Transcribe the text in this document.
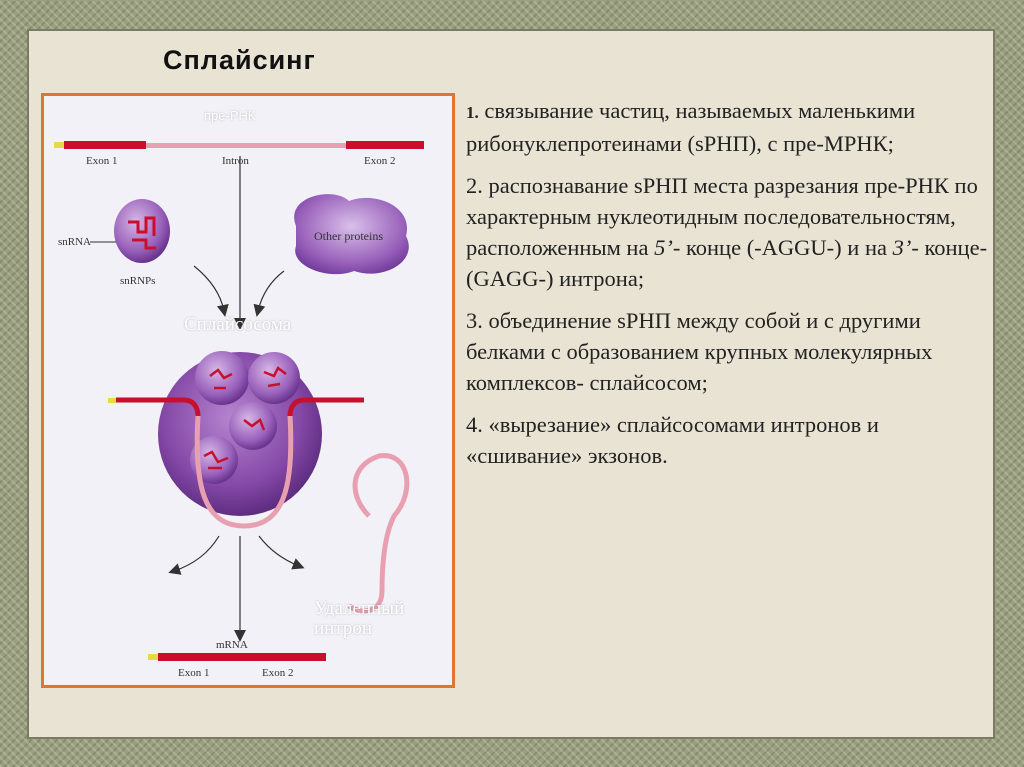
Сплайсинг
Exon 1	Intron	Exon 2
snRNA
snRNPs
Other proteins
mRNA
Exon 1	Exon 2
пре-РНК
Сплайсосома
Удаленный
интрон

1. связывание частиц, называемых маленькими рибонуклепротеинами (sРНП), с пре-МРНК;

2. распознавание sРНП места разрезания пре-РНК по характерным нуклеотидным последовательностям, расположенным на 5’- конце (-AGGU-) и на 3’- конце- (GAGG-) интрона;

3. объединение sРНП между собой и с другими белками с образованием крупных молекулярных комплексов- сплайсосом;

4. «вырезание» сплайсосомами интронов и «сшивание» экзонов.
